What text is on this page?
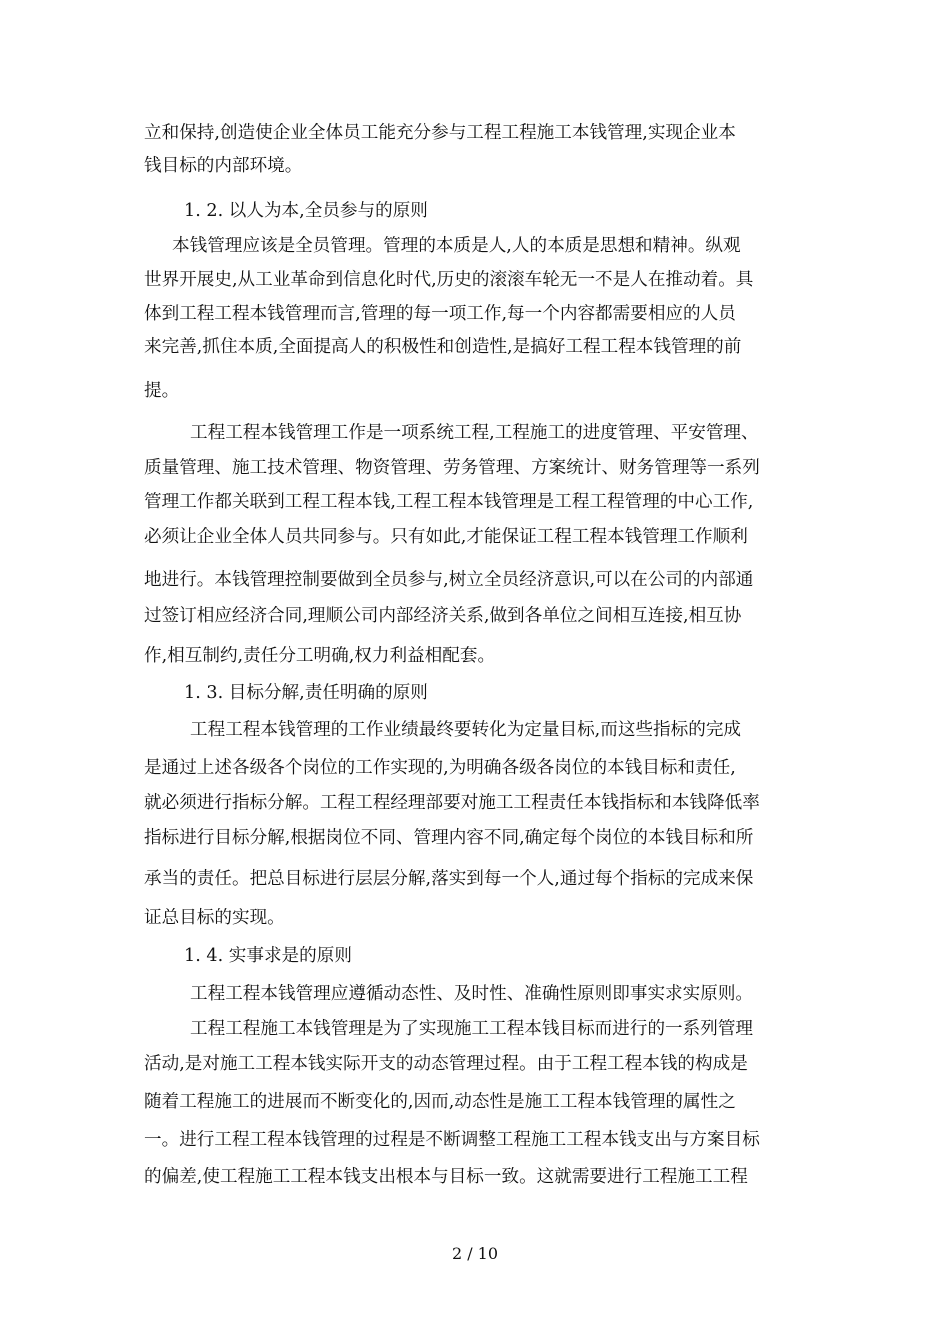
立和保持,创造使企业全体员工能充分参与工程工程施工本钱管理,实现企业本
钱目标的内部环境。
1. 2. 以人为本,全员参与的原则
本钱管理应该是全员管理。管理的本质是人,人的本质是思想和精神。纵观
世界开展史,从工业革命到信息化时代,历史的滚滚车轮无一不是人在推动着。具
体到工程工程本钱管理而言,管理的每一项工作,每一个内容都需要相应的人员
来完善,抓住本质,全面提高人的积极性和创造性,是搞好工程工程本钱管理的前
提。
工程工程本钱管理工作是一项系统工程,工程施工的进度管理、平安管理、
质量管理、施工技术管理、物资管理、劳务管理、方案统计、财务管理等一系列
管理工作都关联到工程工程本钱,工程工程本钱管理是工程工程管理的中心工作,
必须让企业全体人员共同参与。只有如此,才能保证工程工程本钱管理工作顺利
地进行。本钱管理控制要做到全员参与,树立全员经济意识,可以在公司的内部通
过签订相应经济合同,理顺公司内部经济关系,做到各单位之间相互连接,相互协
作,相互制约,责任分工明确,权力利益相配套。
1. 3. 目标分解,责任明确的原则
工程工程本钱管理的工作业绩最终要转化为定量目标,而这些指标的完成
是通过上述各级各个岗位的工作实现的,为明确各级各岗位的本钱目标和责任,
就必须进行指标分解。工程工程经理部要对施工工程责任本钱指标和本钱降低率
指标进行目标分解,根据岗位不同、管理内容不同,确定每个岗位的本钱目标和所
承当的责任。把总目标进行层层分解,落实到每一个人,通过每个指标的完成来保
证总目标的实现。
1. 4. 实事求是的原则
工程工程本钱管理应遵循动态性、及时性、准确性原则即事实求实原则。
工程工程施工本钱管理是为了实现施工工程本钱目标而进行的一系列管理
活动,是对施工工程本钱实际开支的动态管理过程。由于工程工程本钱的构成是
随着工程施工的进展而不断变化的,因而,动态性是施工工程本钱管理的属性之
一。进行工程工程本钱管理的过程是不断调整工程施工工程本钱支出与方案目标
的偏差,使工程施工工程本钱支出根本与目标一致。这就需要进行工程施工工程
2 / 10
